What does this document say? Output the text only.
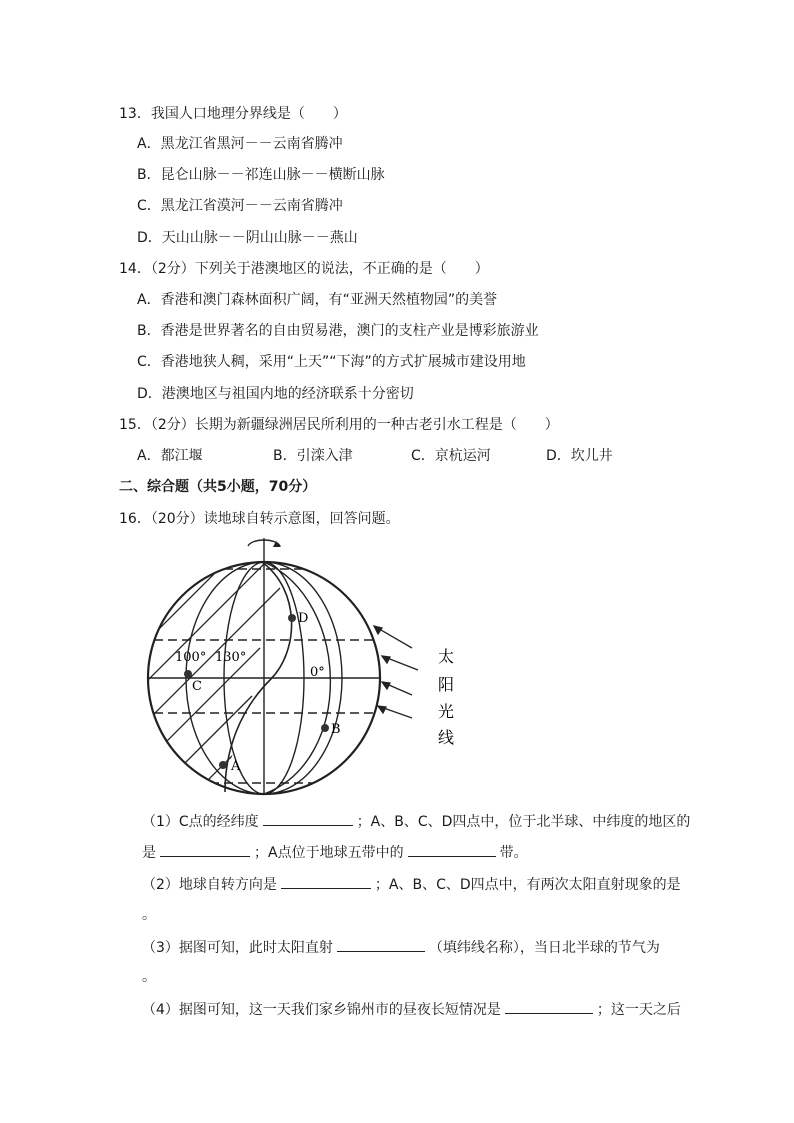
13．我国人口地理分界线是（　　）
A．黑龙江省黑河－－云南省腾冲
B．昆仑山脉－－祁连山脉－－横断山脉
C．黑龙江省漠河－－云南省腾冲
D．天山山脉－－阴山山脉－－燕山
14．（2分）下列关于港澳地区的说法，不正确的是（　　）
A．香港和澳门森林面积广阔，有“亚洲天然植物园”的美誉
B．香港是世界著名的自由贸易港，澳门的支柱产业是博彩旅游业
C．香港地狭人稠，采用“上天”“下海”的方式扩展城市建设用地
D．港澳地区与祖国内地的经济联系十分密切
15．（2分）长期为新疆绿洲居民所利用的一种古老引水工程是（　　）
A．都江堰	B．引滦入津	C．京杭运河	D．坎儿井
二、综合题（共5小题，70分）
16．（20分）读地球自转示意图，回答问题。
D
C
B
A
100° 130°
0°
太
阳
光
线
（1）C点的经纬度	；A、B、C、D四点中，位于北半球、中纬度的地区的
是	；A点位于地球五带中的	带。
（2）地球自转方向是	；A、B、C、D四点中，有两次太阳直射现象的是
。
（3）据图可知，此时太阳直射	（填纬线名称），当日北半球的节气为
。
（4）据图可知，这一天我们家乡锦州市的昼夜长短情况是	；这一天之后
